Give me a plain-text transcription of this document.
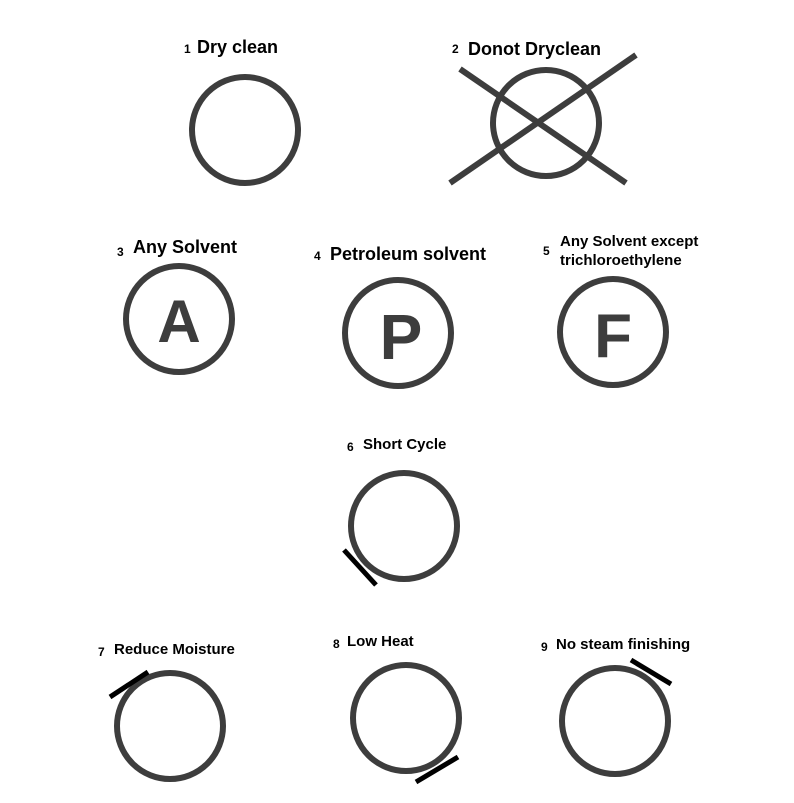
1 Dry clean	2 Donot Dryclean
3 Any Solvent	4 Petroleum solvent	5
Any Solvent except
trichloroethylene
6 Short Cycle
7 Reduce Moisture	8 Low Heat	9 No steam finishing
A	P	F
